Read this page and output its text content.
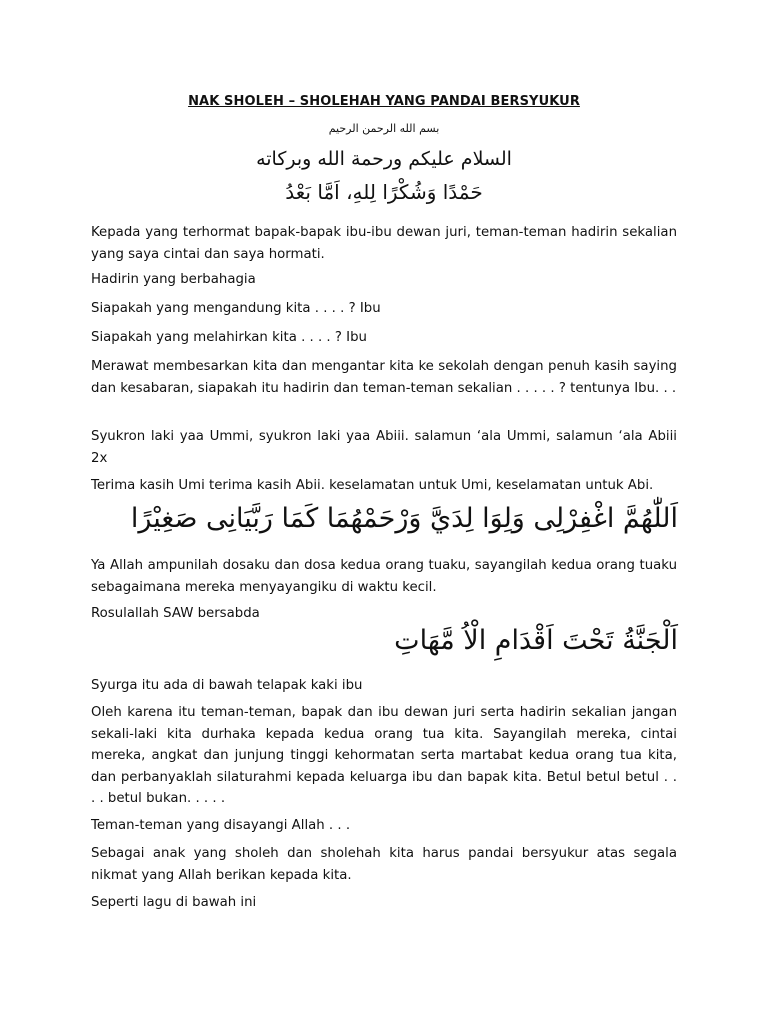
NAK SHOLEH – SHOLEHAH YANG PANDAI BERSYUKUR
بسم الله الرحمن الرحيم
السلام عليكم ورحمة الله وبركاته
حَمْدًا وَشُكْرًا لِلهِ، اَمَّا بَعْدُ

Kepada yang terhormat bapak-bapak ibu-ibu dewan juri, teman-teman hadirin sekalian yang saya cintai dan saya hormati.

Hadirin yang berbahagia

Siapakah yang mengandung kita . . . . ? Ibu

Siapakah yang melahirkan kita . . . . ? Ibu

Merawat membesarkan kita dan mengantar kita ke sekolah dengan penuh kasih saying dan kesabaran, siapakah itu hadirin dan teman-teman sekalian . . . . . ? tentunya Ibu. . .

Syukron laki yaa Ummi, syukron laki yaa Abiii. salamun ‘ala Ummi, salamun ‘ala Abiii 2x

Terima kasih Umi terima kasih Abii. keselamatan untuk Umi, keselamatan untuk Abi.

اَللّٰهُمَّ اغْفِرْلِى وَلِوَا لِدَيَّ وَرْحَمْهُمَا كَمَا رَبَّيَانِى صَغِيْرًا

Ya Allah ampunilah dosaku dan dosa kedua orang tuaku, sayangilah kedua orang tuaku sebagaimana mereka menyayangiku di waktu kecil.

Rosulallah SAW bersabda

اَلْجَنَّةُ تَحْتَ اَقْدَامِ الْاُ مَّهَاتِ

Syurga itu ada di bawah telapak kaki ibu

Oleh karena itu teman-teman, bapak dan ibu dewan juri serta hadirin sekalian jangan sekali-laki kita durhaka kepada kedua orang tua kita. Sayangilah mereka, cintai mereka, angkat dan junjung tinggi kehormatan serta martabat kedua orang tua kita, dan perbanyaklah silaturahmi kepada keluarga ibu dan bapak kita. Betul betul betul . . . . betul bukan. . . . .

Teman-teman yang disayangi Allah . . .

Sebagai anak yang sholeh dan sholehah kita harus pandai bersyukur atas segala nikmat yang Allah berikan kepada kita.

Seperti lagu di bawah ini
